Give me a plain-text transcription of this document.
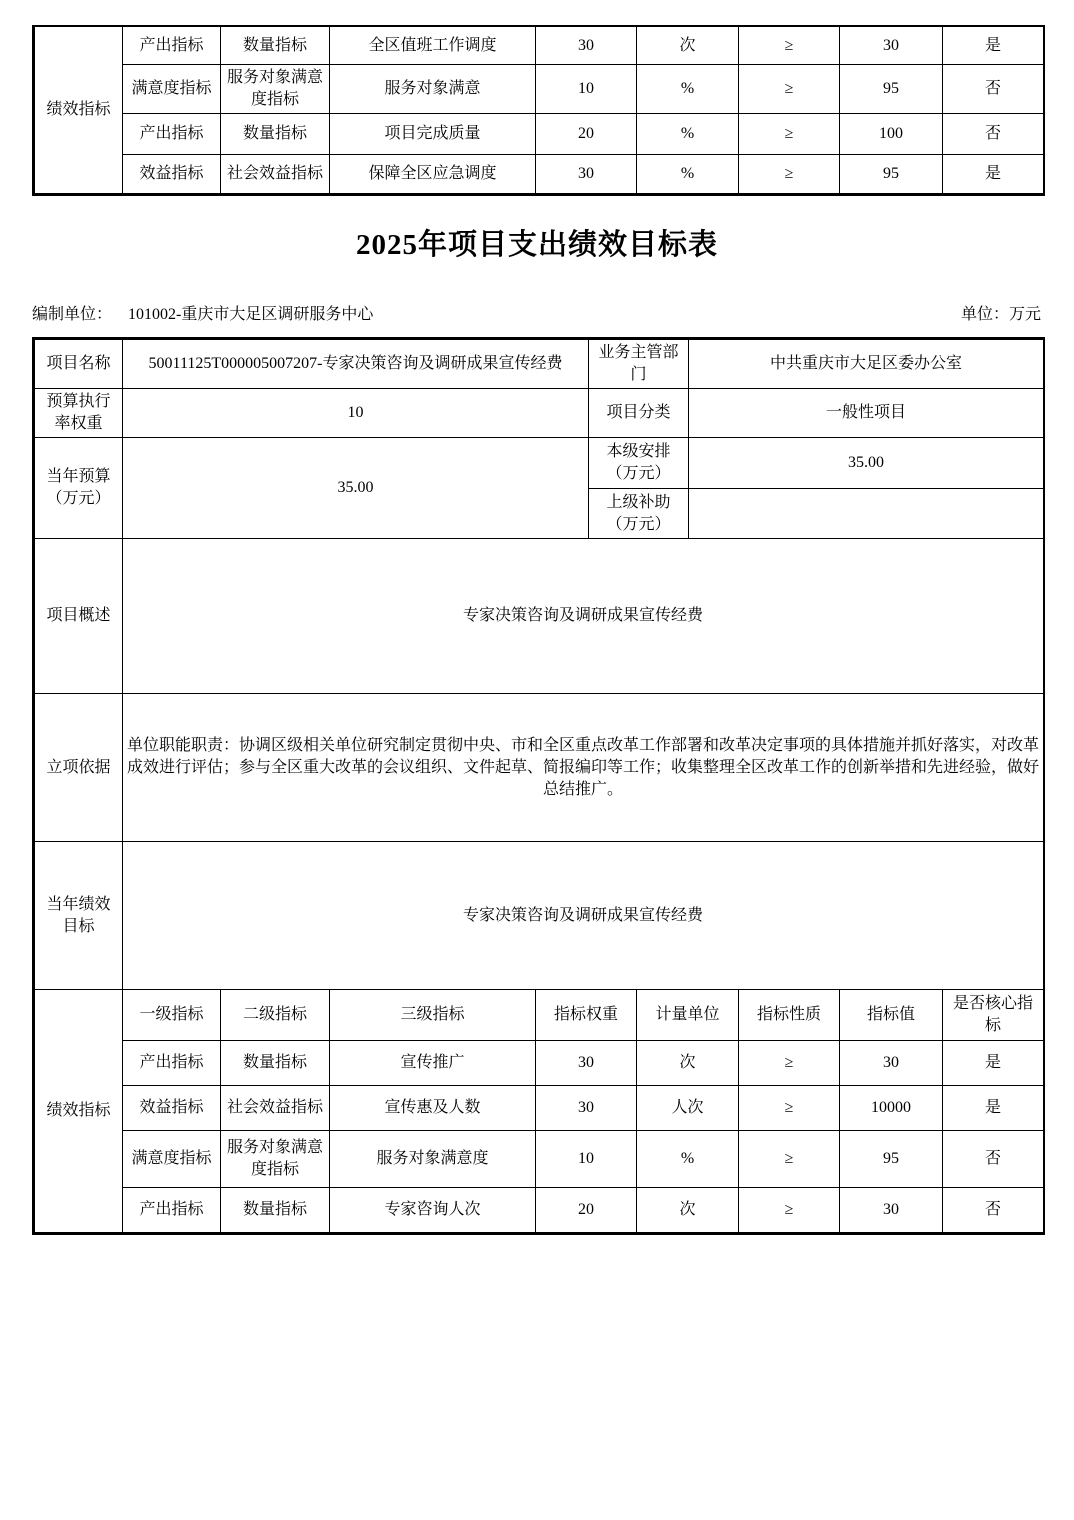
绩效指标	产出指标	数量指标	全区值班工作调度	30	次	≥	30	是
	满意度指标	服务对象满意度指标	服务对象满意	10	%	≥	95	否
	产出指标	数量指标	项目完成质量	20	%	≥	100	否
	效益指标	社会效益指标	保障全区应急调度	30	%	≥	95	是
2025年项目支出绩效目标表
编制单位： 101002-重庆市大足区调研服务中心	单位：万元
项目名称	50011125T000005007207-专家决策咨询及调研成果宣传经费	业务主管部门	中共重庆市大足区委办公室
预算执行率权重	10	项目分类	一般性项目
当年预算（万元）	35.00	本级安排（万元）	35.00
		上级补助（万元）	
项目概述	专家决策咨询及调研成果宣传经费
立项依据	单位职能职责：协调区级相关单位研究制定贯彻中央、市和全区重点改革工作部署和改革决定事项的具体措施并抓好落实，对改革成效进行评估；参与全区重大改革的会议组织、文件起草、简报编印等工作；收集整理全区改革工作的创新举措和先进经验，做好总结推广。
当年绩效目标	专家决策咨询及调研成果宣传经费
绩效指标	一级指标	二级指标	三级指标	指标权重	计量单位	指标性质	指标值	是否核心指标
	产出指标	数量指标	宣传推广	30	次	≥	30	是
	效益指标	社会效益指标	宣传惠及人数	30	人次	≥	10000	是
	满意度指标	服务对象满意度指标	服务对象满意度	10	%	≥	95	否
	产出指标	数量指标	专家咨询人次	20	次	≥	30	否
